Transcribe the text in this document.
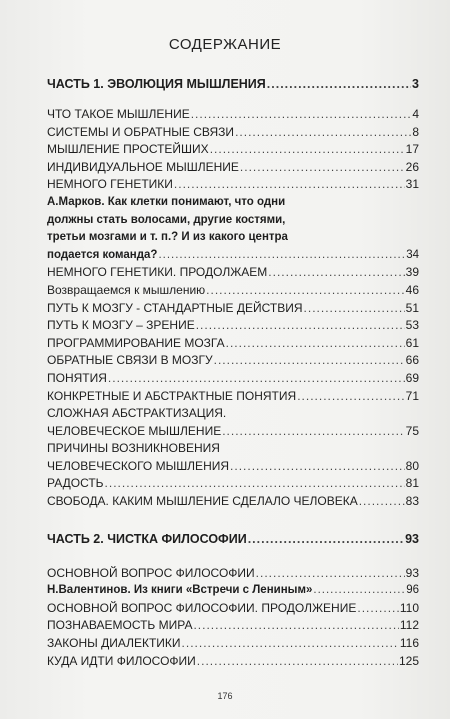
СОДЕРЖАНИЕ
ЧАСТЬ 1. ЭВОЛЮЦИЯ МЫШЛЕНИЯ .....	3
ЧТО ТАКОЕ МЫШЛЕНИЕ .....	4
СИСТЕМЫ И ОБРАТНЫЕ СВЯЗИ .....	8
МЫШЛЕНИЕ ПРОСТЕЙШИХ .....	17
ИНДИВИДУАЛЬНОЕ МЫШЛЕНИЕ .....	26
НЕМНОГО ГЕНЕТИКИ .....	31
А.Марков. Как клетки понимают, что одни
должны стать волосами, другие костями,
третьи мозгами и т. п.? И из какого центра
подается команда? .....	34
НЕМНОГО ГЕНЕТИКИ. ПРОДОЛЖАЕМ .....	39
Возвращаемся к мышлению .....	46
ПУТЬ К МОЗГУ - СТАНДАРТНЫЕ ДЕЙСТВИЯ .....	51
ПУТЬ К МОЗГУ – ЗРЕНИЕ .....	53
ПРОГРАММИРОВАНИЕ МОЗГА .....	61
ОБРАТНЫЕ СВЯЗИ В МОЗГУ .....	66
ПОНЯТИЯ .....	69
КОНКРЕТНЫЕ И АБСТРАКТНЫЕ ПОНЯТИЯ .....	71
СЛОЖНАЯ АБСТРАКТИЗАЦИЯ.
ЧЕЛОВЕЧЕСКОЕ МЫШЛЕНИЕ .....	75
ПРИЧИНЫ ВОЗНИКНОВЕНИЯ
ЧЕЛОВЕЧЕСКОГО МЫШЛЕНИЯ .....	80
РАДОСТЬ .....	81
СВОБОДА. КАКИМ МЫШЛЕНИЕ СДЕЛАЛО ЧЕЛОВЕКА .....	83
ЧАСТЬ 2. ЧИСТКА ФИЛОСОФИИ .....	93
ОСНОВНОЙ ВОПРОС ФИЛОСОФИИ .....	93
Н.Валентинов. Из книги «Встречи с Лениным» .....	96
ОСНОВНОЙ ВОПРОС ФИЛОСОФИИ. ПРОДОЛЖЕНИЕ .....	110
ПОЗНАВАЕМОСТЬ МИРА .....	112
ЗАКОНЫ ДИАЛЕКТИКИ .....	116
КУДА ИДТИ ФИЛОСОФИИ .....	125
176
